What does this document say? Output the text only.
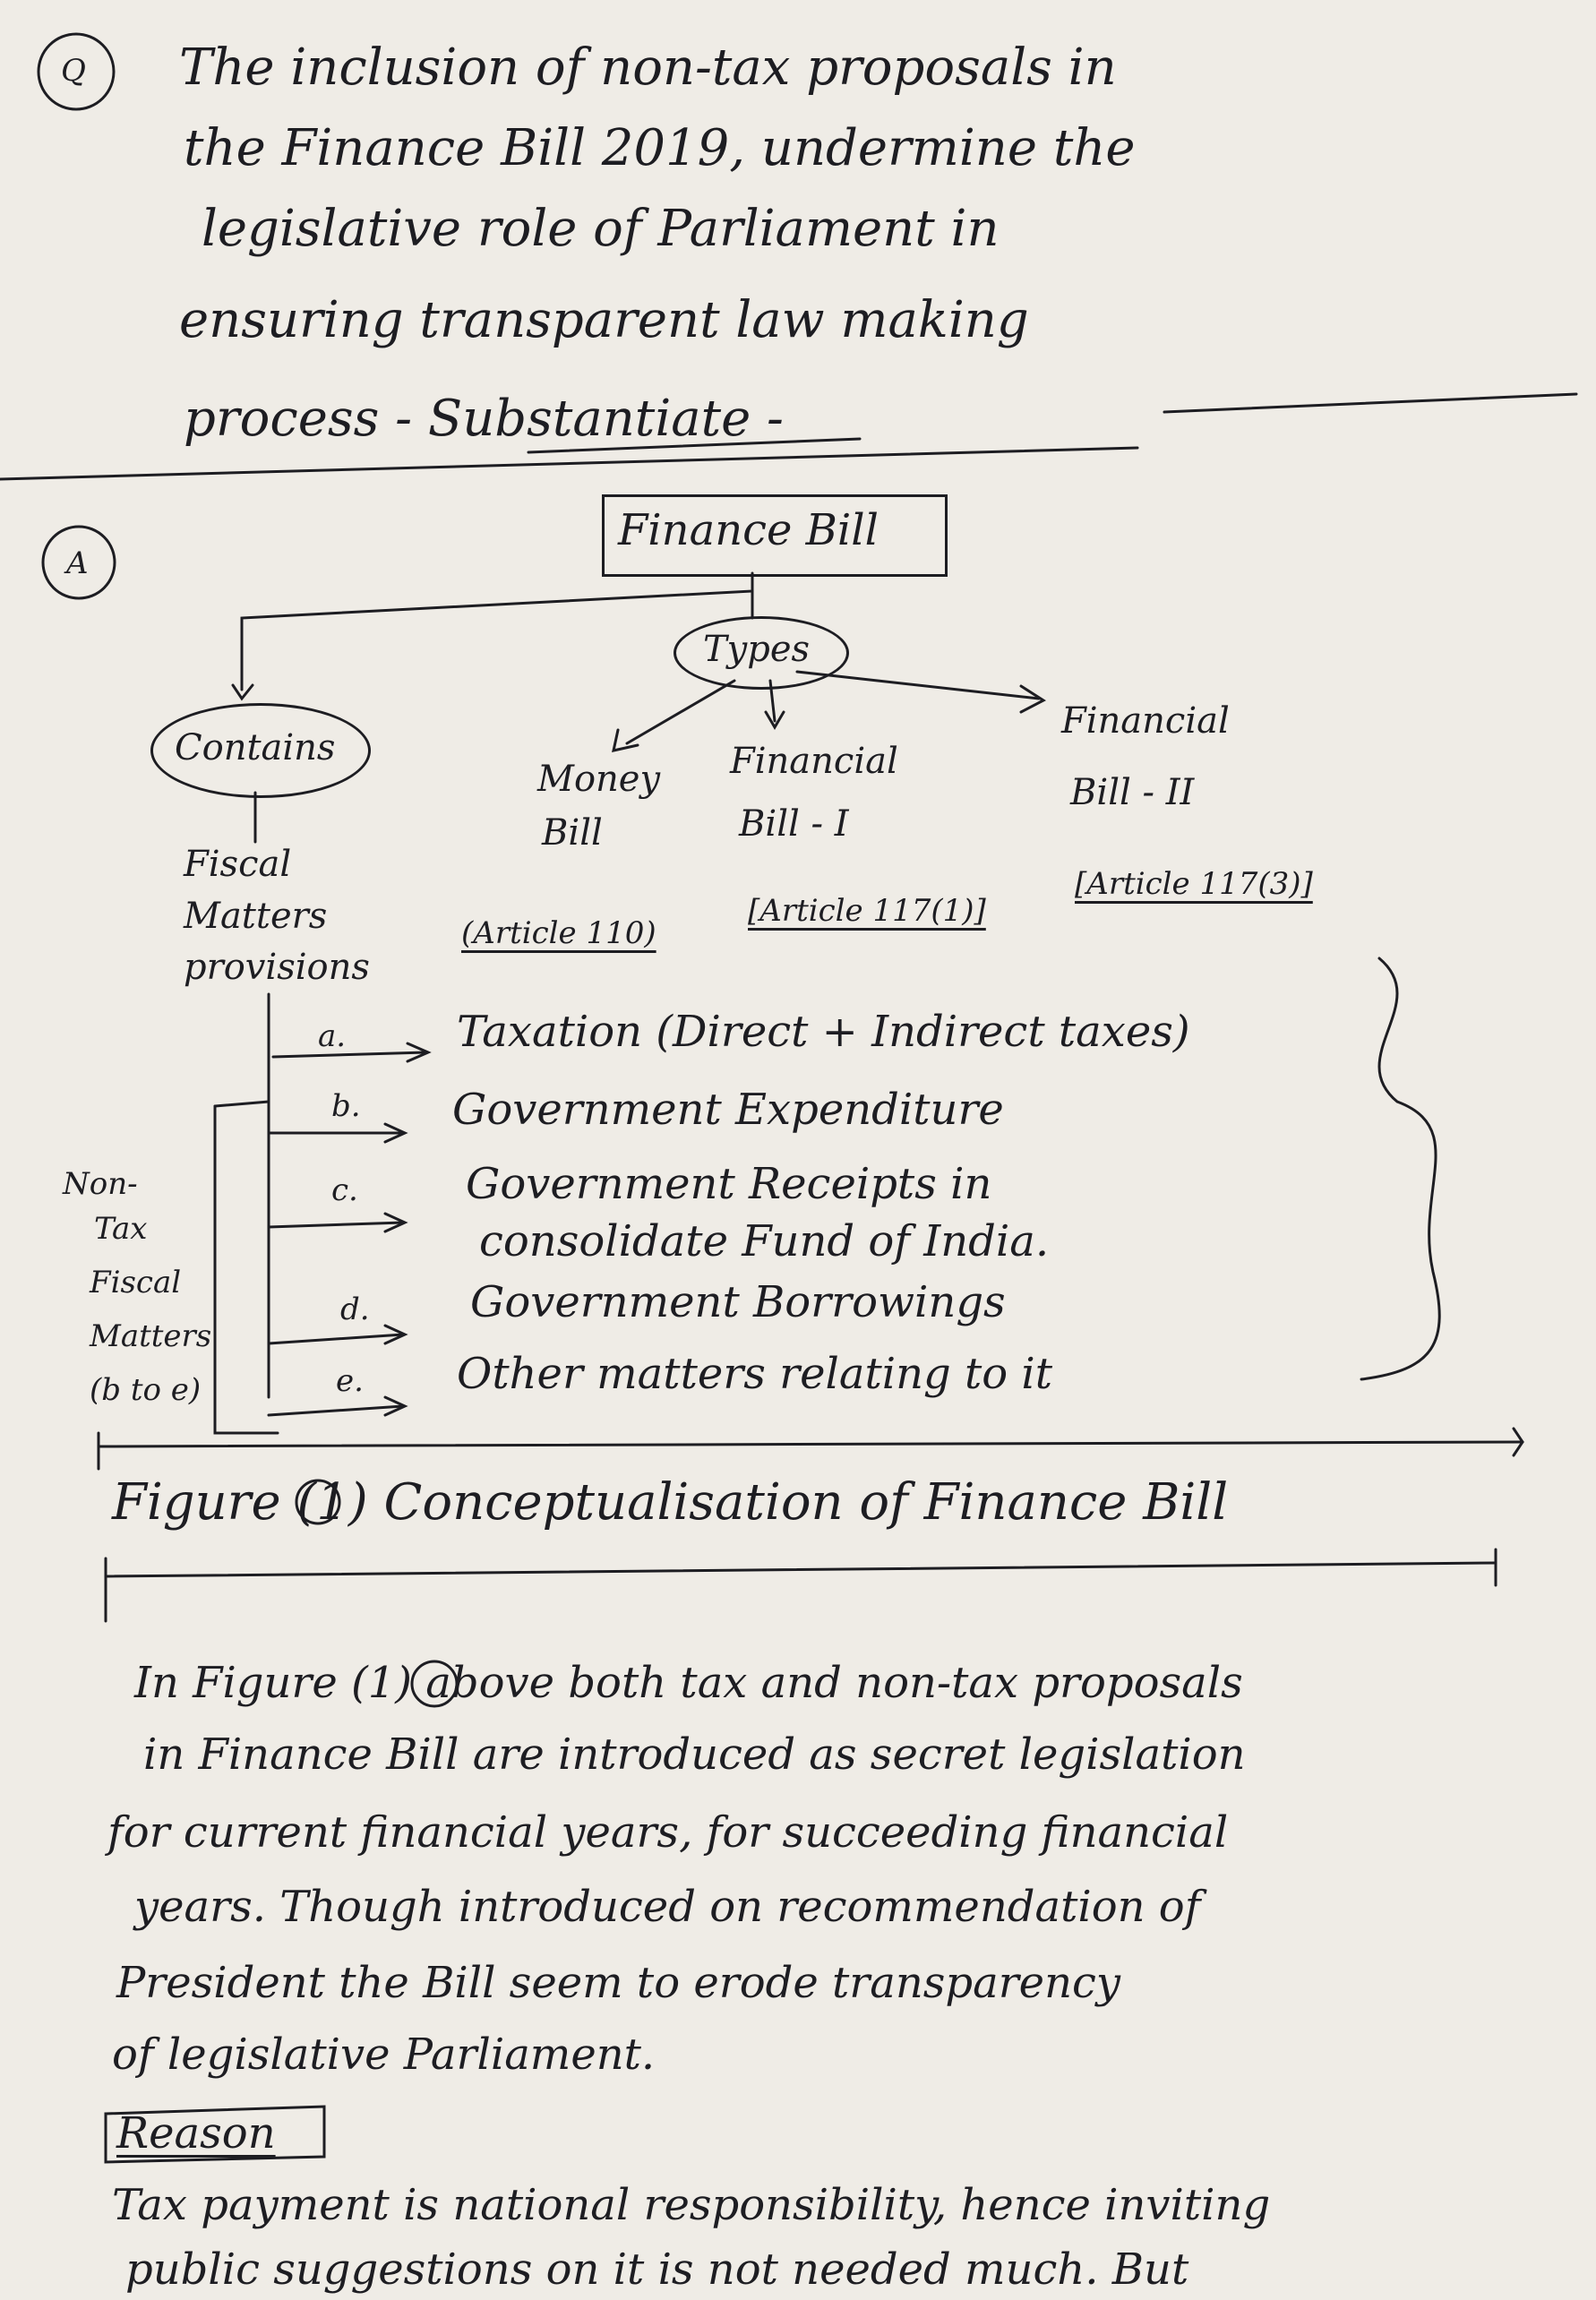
Q The inclusion of non-tax proposals in
the Finance Bill 2019, undermine the
legislative role of Parliament in
ensuring transparent law making
process - Substantiate -
A
Finance Bill
Types
Contains
Fiscal
Matters
provisions
Money
Bill
Financial
Bill - I
Financial
Bill - II
(Article 110)
[Article 117(1)]
[Article 117(3)]
a.	Taxation (Direct + Indirect taxes)
b. Government Expenditure
c.	Government Receipts in
consolidate Fund of India.
d. Government Borrowings
e. Other matters relating to it
Non-
Tax
Fiscal
Matters
(b to e)
Figure (1) Conceptualisation of Finance Bill
In Figure (1) above both tax and non-tax proposals
in Finance Bill are introduced as secret legislation
for current financial years, for succeeding financial
years. Though introduced on recommendation of
President the Bill seem to erode transparency
of legislative Parliament.
Reason
Tax payment is national responsibility, hence inviting
public suggestions on it is not needed much. But
